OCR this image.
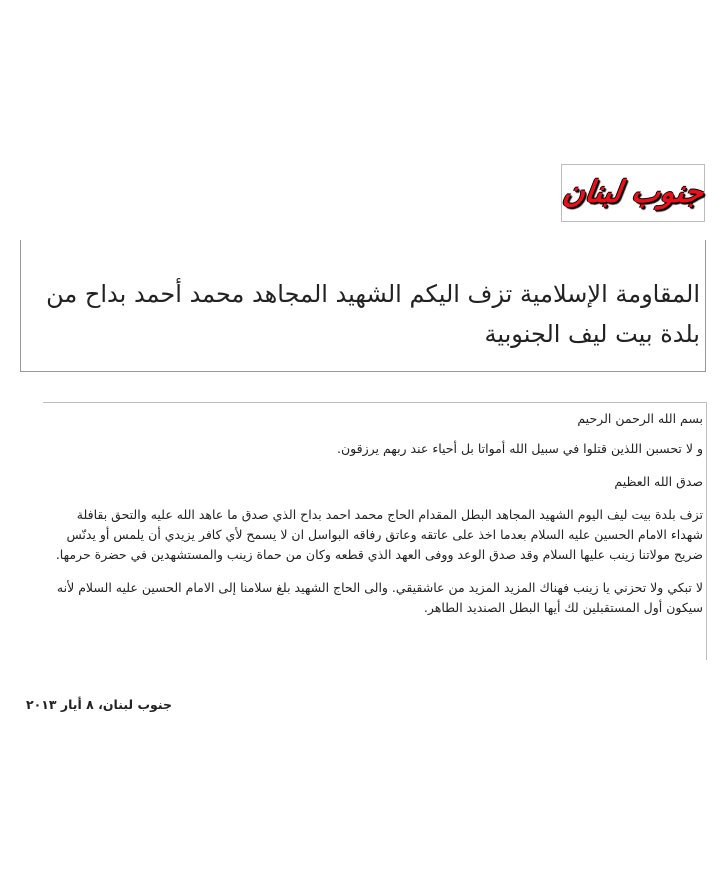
جنوب لبنان
المقاومة الإسلامية تزف اليكم الشهيد المجاهد محمد أحمد بداح من بلدة بيت ليف الجنوبية

بسم الله الرحمن الرحيم

و لا تحسبن اللذين قتلوا في سبيل الله أمواتا بل أحياء عند ربهم يرزقون.

صدق الله العظيم

تزف بلدة بيت ليف اليوم الشهيد المجاهد البطل المقدام الحاج محمد احمد بداح الذي صدق ما عاهد الله عليه والتحق بقافلة شهداء الامام الحسين عليه السلام بعدما اخذ على عاتقه وعاتق رفاقه البواسل ان لا يسمح لأي كافر يزيدي أن يلمس أو يدنّس ضريح مولاتنا زينب عليها السلام وقد صدق الوعد ووفى العهد الذي قطعه وكان من حماة زينب والمستشهدين في حضرة حرمها.

لا تبكي ولا تحزني يا زينب فهناك المزيد المزيد من عاشقيقي. والى الحاج الشهيد بلغ سلامنا إلى الامام الحسين عليه السلام لأنه سيكون أول المستقبلين لك أيها البطل الصنديد الطاهر.

جنوب لبنان، ٨ أيار ٢٠١٣
